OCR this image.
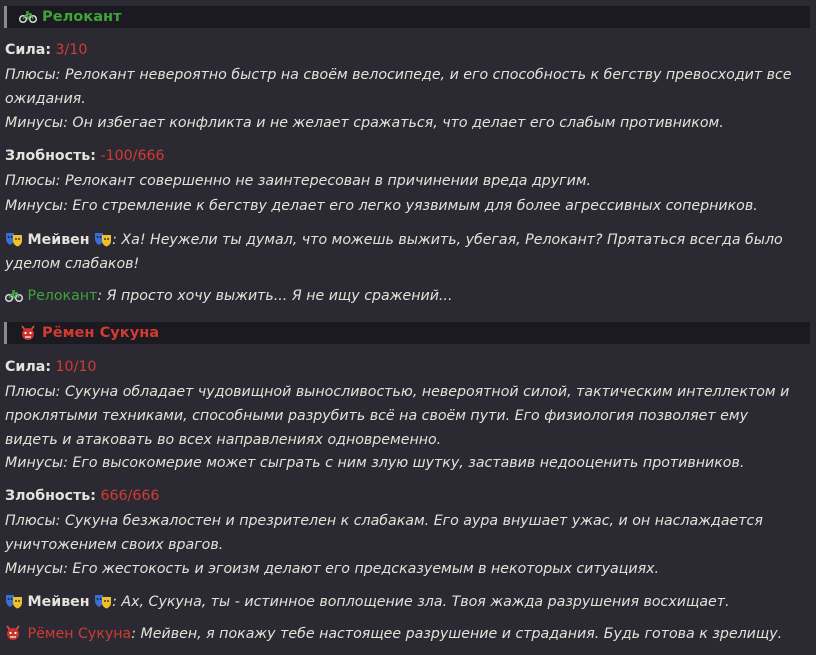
Релокант
Сила: 3/10
Плюсы: Релокант невероятно быстр на своём велосипеде, и его способность к бегству превосходит все ожидания.
Минусы: Он избегает конфликта и не желает сражаться, что делает его слабым противником.
Злобность: -100/666
Плюсы: Релокант совершенно не заинтересован в причинении вреда другим.
Минусы: Его стремление к бегству делает его легко уязвимым для более агрессивных соперников.
Мейвен : Ха! Неужели ты думал, что можешь выжить, убегая, Релокант? Прятаться всегда было уделом слабаков!
Релокант: Я просто хочу выжить... Я не ищу сражений...
Рёмен Сукуна
Сила: 10/10
Плюсы: Сукуна обладает чудовищной выносливостью, невероятной силой, тактическим интеллектом и проклятыми техниками, способными разрубить всё на своём пути. Его физиология позволяет ему видеть и атаковать во всех направлениях одновременно.
Минусы: Его высокомерие может сыграть с ним злую шутку, заставив недооценить противников.
Злобность: 666/666
Плюсы: Сукуна безжалостен и презрителен к слабакам. Его аура внушает ужас, и он наслаждается уничтожением своих врагов.
Минусы: Его жестокость и эгоизм делают его предсказуемым в некоторых ситуациях.
Мейвен : Ах, Сукуна, ты - истинное воплощение зла. Твоя жажда разрушения восхищает.
Рёмен Сукуна: Мейвен, я покажу тебе настоящее разрушение и страдания. Будь готова к зрелищу.
